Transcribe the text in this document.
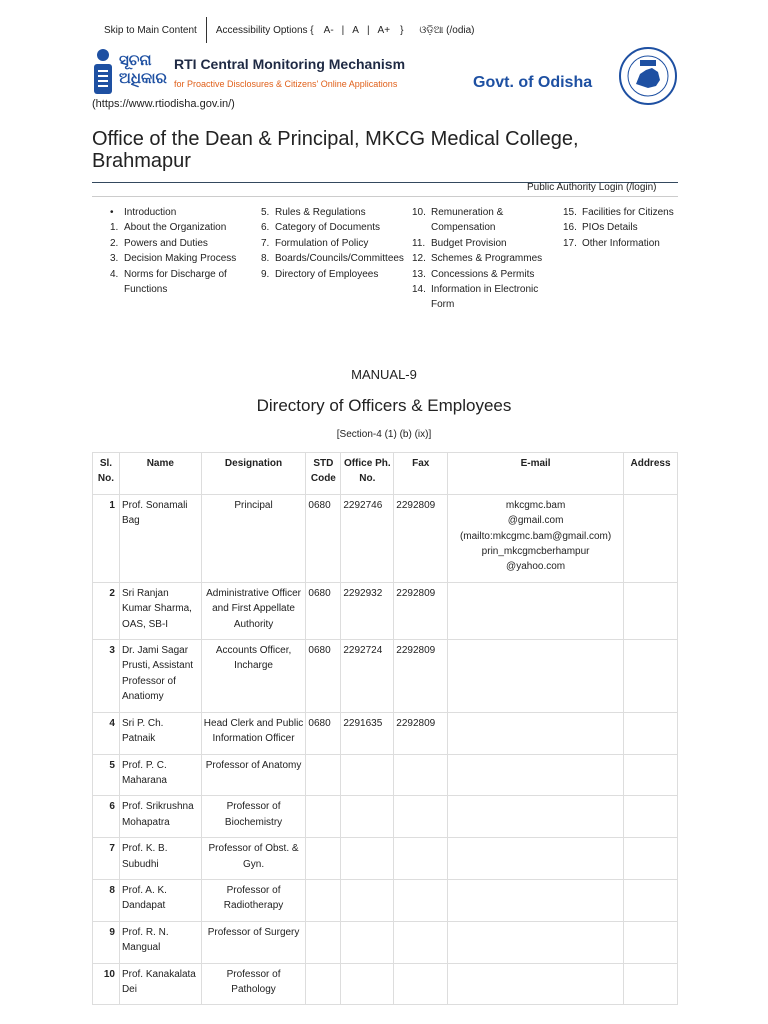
Skip to Main Content	Accessibility Options { A- | A | A+ } ଓଡ଼ିଆ (/odia)
ସୂଚନା
ଅଧିକାର
RTI Central Monitoring Mechanism
for Proactive Disclosures & Citizens' Online Applications
(https://www.rtiodisha.gov.in/)
Govt. of Odisha
Office of the Dean & Principal, MKCG Medical College, Brahmapur
Public Authority Login (/login)
•	Introduction
1. About the Organization
2. Powers and Duties
3. Decision Making Process
4. Norms for Discharge of Functions
5. Rules & Regulations
6. Category of Documents
7. Formulation of Policy
8. Boards/Councils/Committees
9. Directory of Employees
10. Remuneration & Compensation
11. Budget Provision
12. Schemes & Programmes
13. Concessions & Permits
14. Information in Electronic Form
15. Facilities for Citizens
16. PIOs Details
17. Other Information
MANUAL-9
Directory of Officers & Employees
[Section-4 (1) (b) (ix)]
Sl. No.	Name	Designation	STD Code	Office Ph. No.	Fax	E-mail	Address
1	Prof. Sonamali Bag	Principal	0680	2292746	2292809	mkcgmc.bam
@gmail.com
(mailto:mkcgmc.bam@gmail.com)
prin_mkcgmcberhampur
@yahoo.com	
2	Sri Ranjan Kumar Sharma, OAS, SB-I	Administrative Officer and First Appellate Authority	0680	2292932	2292809		
3	Dr. Jami Sagar Prusti, Assistant Professor of Anatiomy	Accounts Officer, Incharge	0680	2292724	2292809		
4	Sri P. Ch. Patnaik	Head Clerk and Public Information Officer	0680	2291635	2292809		
5	Prof. P. C. Maharana	Professor of Anatomy					
6	Prof. Srikrushna Mohapatra	Professor of Biochemistry					
7	Prof. K. B. Subudhi	Professor of Obst. & Gyn.					
8	Prof. A. K. Dandapat	Professor of Radiotherapy					
9	Prof. R. N. Mangual	Professor of Surgery					
10	Prof. Kanakalata Dei	Professor of Pathology					
